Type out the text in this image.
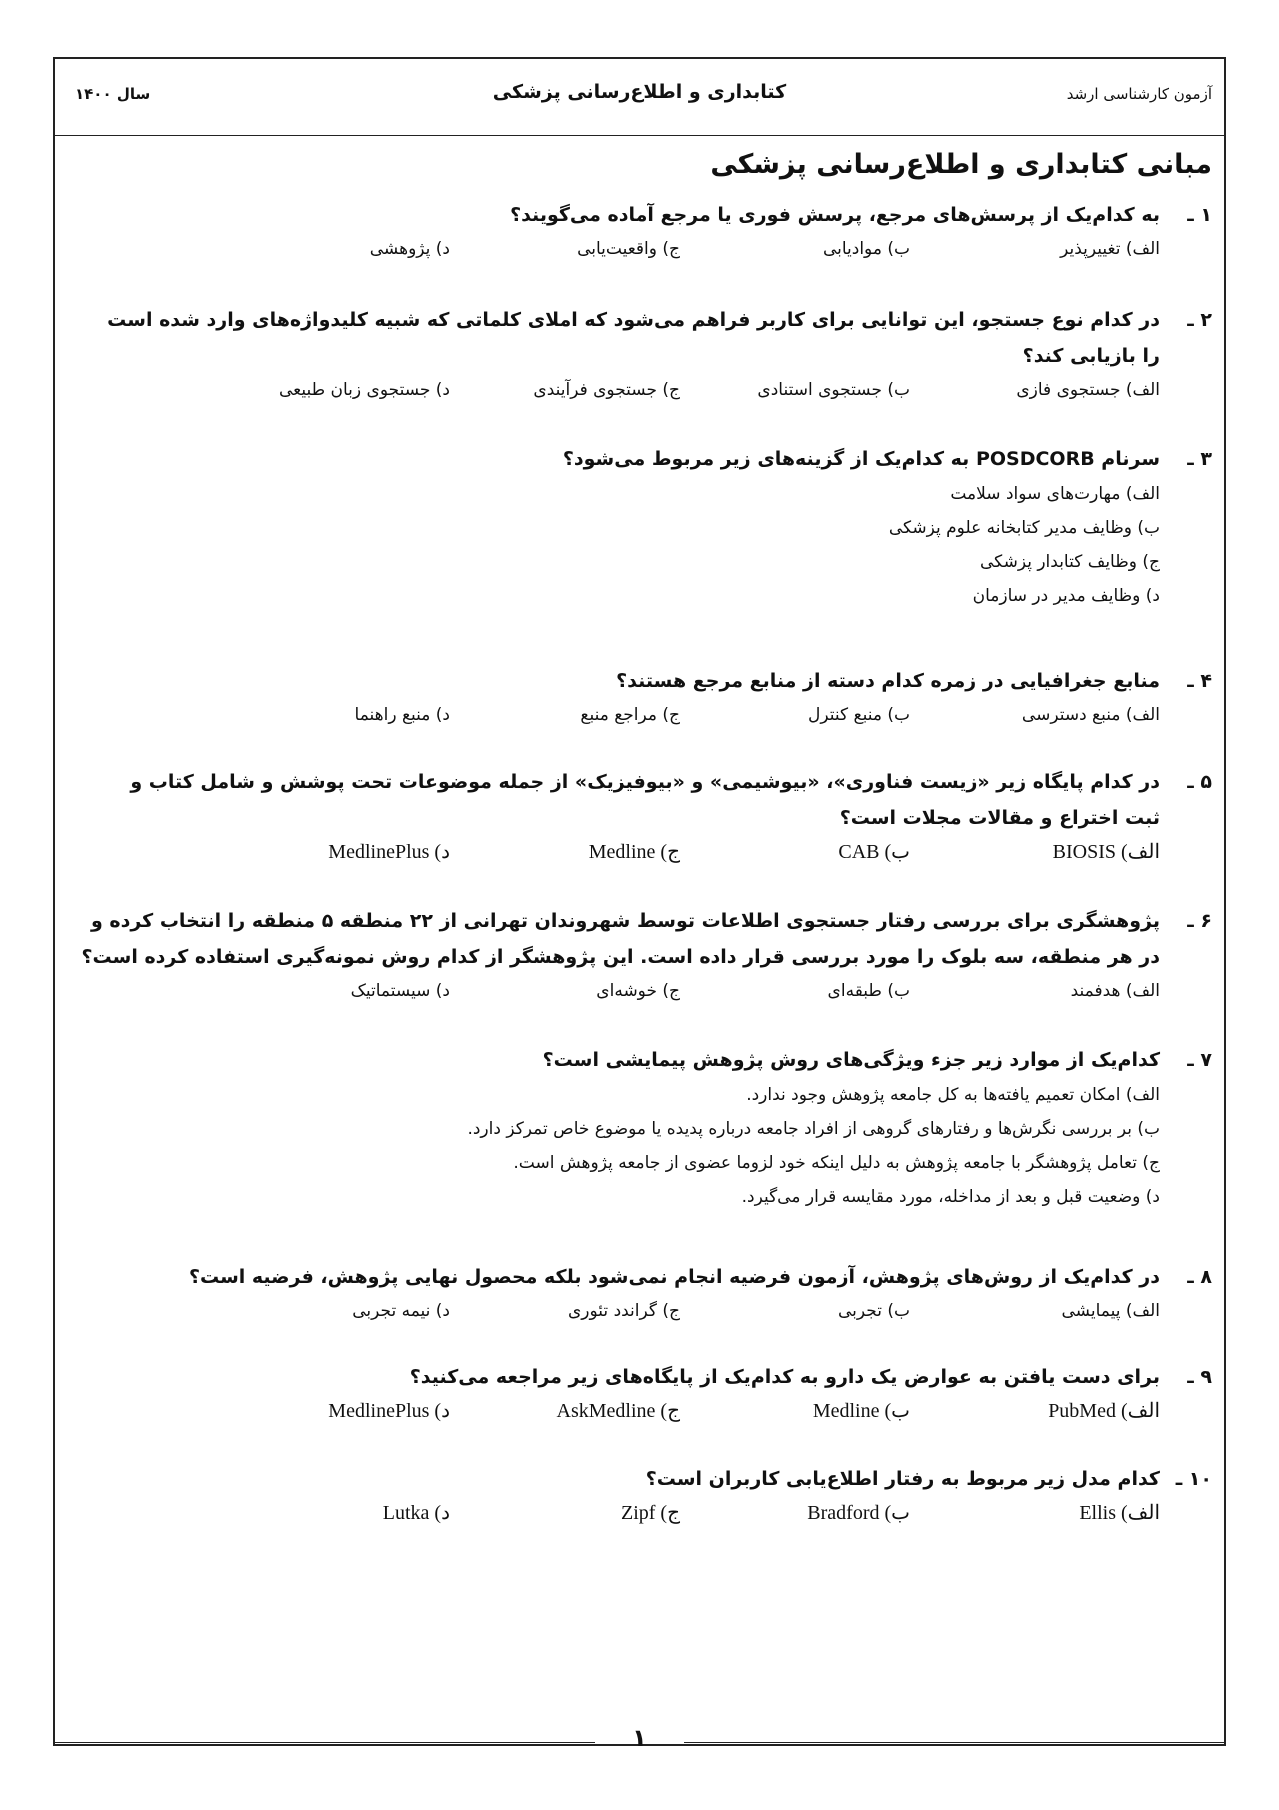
آزمون کارشناسی ارشد
کتابداری و اطلاع‌رسانی پزشکی
سال ۱۴۰۰
مبانی کتابداری و اطلاع‌رسانی پزشکی
۱ ـبه کدام‌یک از پرسش‌های مرجع، پرسش فوری یا مرجع آماده می‌گویند؟
الف) تغییرپذیر
ب) موادیابی
ج) واقعیت‌یابی
د) پژوهشی
۲ ـدر کدام نوع جستجو، این توانایی برای کاربر فراهم می‌شود که املای کلماتی که شبیه کلیدواژه‌های وارد شده است
را بازیابی کند؟
الف) جستجوی فازی
ب) جستجوی استنادی
ج) جستجوی فرآیندی
د) جستجوی زبان طبیعی
۳ ـسرنام POSDCORB به کدام‌یک از گزینه‌های زیر مربوط می‌شود؟
الف) مهارت‌های سواد سلامت
ب) وظایف مدیر کتابخانه علوم پزشکی
ج) وظایف کتابدار پزشکی
د) وظایف مدیر در سازمان
۴ ـمنابع جغرافیایی در زمره کدام دسته از منابع مرجع هستند؟
الف) منبع دسترسی
ب) منبع کنترل
ج) مراجع منبع
د) منبع راهنما
۵ ـدر کدام پایگاه زیر «زیست فناوری»، «بیوشیمی» و «بیوفیزیک» از جمله موضوعات تحت پوشش و شامل کتاب و
ثبت اختراع و مقالات مجلات است؟
الف) BIOSIS
ب) CAB
ج) Medline
د) MedlinePlus
۶ ـپژوهشگری برای بررسی رفتار جستجوی اطلاعات توسط شهروندان تهرانی از ۲۲ منطقه ۵ منطقه را انتخاب کرده و
در هر منطقه، سه بلوک را مورد بررسی قرار داده است. این پژوهشگر از کدام روش نمونه‌گیری استفاده کرده است؟
الف) هدفمند
ب) طبقه‌ای
ج) خوشه‌ای
د) سیستماتیک
۷ ـکدام‌یک از موارد زیر جزء ویژگی‌های روش پژوهش پیمایشی است؟
الف) امکان تعمیم یافته‌ها به کل جامعه پژوهش وجود ندارد.
ب) بر بررسی نگرش‌ها و رفتارهای گروهی از افراد جامعه درباره پدیده یا موضوع خاص تمرکز دارد.
ج) تعامل پژوهشگر با جامعه پژوهش به دلیل اینکه خود لزوما عضوی از جامعه پژوهش است.
د) وضعیت قبل و بعد از مداخله، مورد مقایسه قرار می‌گیرد.
۸ ـدر کدام‌یک از روش‌های پژوهش، آزمون فرضیه انجام نمی‌شود بلکه محصول نهایی پژوهش، فرضیه است؟
الف) پیمایشی
ب) تجربی
ج) گراندد تئوری
د) نیمه تجربی
۹ ـبرای دست یافتن به عوارض یک دارو به کدام‌یک از پایگاه‌های زیر مراجعه می‌کنید؟
الف) PubMed
ب) Medline
ج) AskMedline
د) MedlinePlus
۱۰ ـکدام مدل زیر مربوط به رفتار اطلاع‌یابی کاربران است؟
الف) Ellis
ب) Bradford
ج) Zipf
د) Lutka
۱
